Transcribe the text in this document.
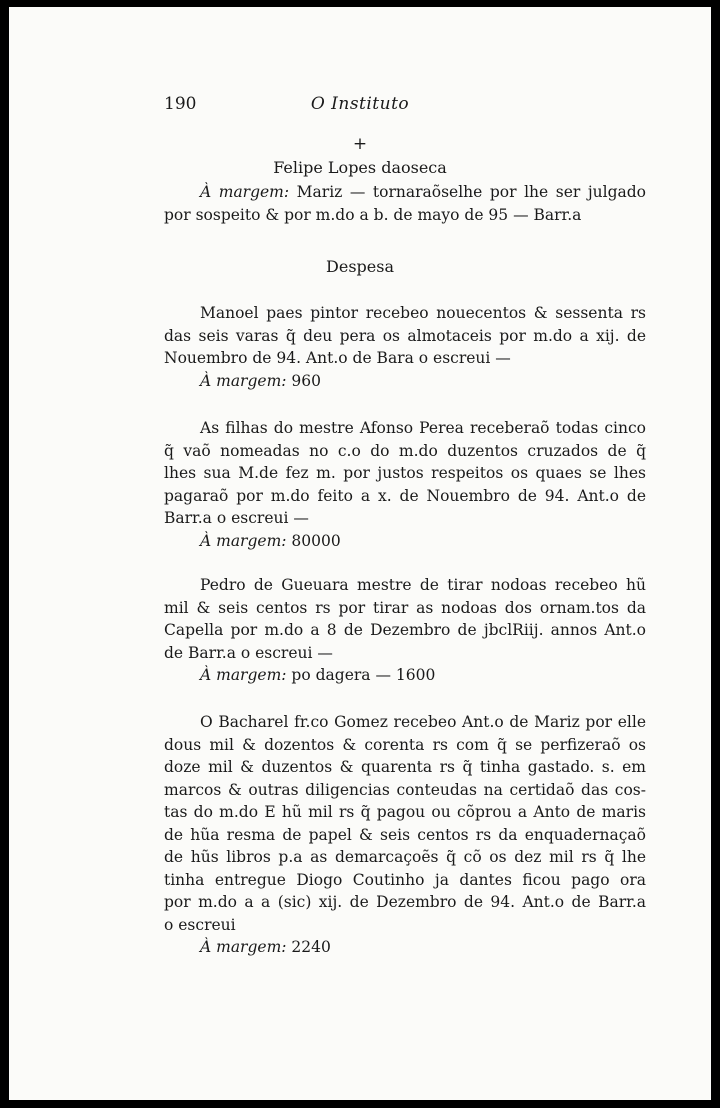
190	O Instituto
+
Felipe Lopes daoseca

À margem: Mariz — tornaraõselhe por lhe ser julgado

por sospeito & por m.do a b. de mayo de 95 — Barr.a

Despesa

Manoel paes pintor recebeo nouecentos & sessenta rs

das seis varas q̃ deu pera os almotaceis por m.do a xij. de

Nouembro de 94. Ant.o de Bara o escreui —

À margem: 960

As filhas do mestre Afonso Perea receberaõ todas cinco

q̃ vaõ nomeadas no c.o do m.do duzentos cruzados de q̃

lhes sua M.de fez m. por justos respeitos os quaes se lhes

pagaraõ por m.do feito a x. de Nouembro de 94. Ant.o de

Barr.a o escreui —

À margem: 80000

Pedro de Gueuara mestre de tirar nodoas recebeo hũ

mil & seis centos rs por tirar as nodoas dos ornam.tos da

Capella por m.do a 8 de Dezembro de jbclRiij. annos Ant.o

de Barr.a o escreui —

À margem: po dagera — 1600

O Bacharel fr.co Gomez recebeo Ant.o de Mariz por elle

dous mil & dozentos & corenta rs com q̃ se perfizeraõ os

doze mil & duzentos & quarenta rs q̃ tinha gastado. s. em

marcos & outras diligencias conteudas na certidaõ das cos-

tas do m.do E hũ mil rs q̃ pagou ou cõprou a Anto de maris

de hũa resma de papel & seis centos rs da enquadernaçaõ

de hũs libros p.a as demarcaçoẽs q̃ cõ os dez mil rs q̃ lhe

tinha entregue Diogo Coutinho ja dantes ficou pago ora

por m.do a a (sic) xij. de Dezembro de 94. Ant.o de Barr.a

o escreui

À margem: 2240
